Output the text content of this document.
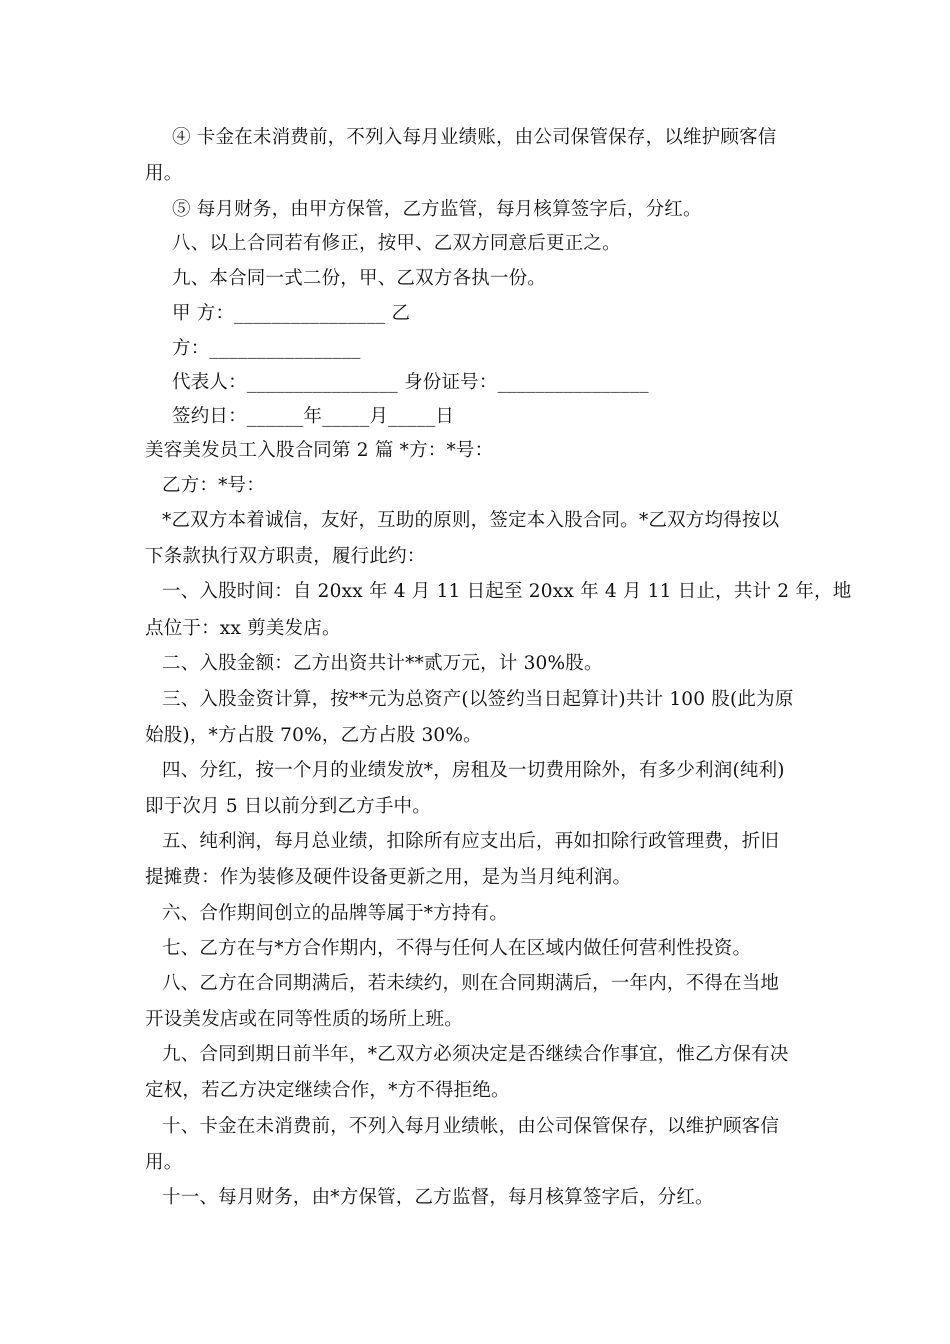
④ 卡金在未消费前，不列入每月业绩账，由公司保管保存，以维护顾客信
用。
⑤ 每月财务，由甲方保管，乙方监管，每月核算签字后，分红。
八、以上合同若有修正，按甲、乙双方同意后更正之。
九、本合同一式二份，甲、乙双方各执一份。
甲 方：________________ 乙
方：________________
代表人：________________ 身份证号：________________
签约日：______年_____月_____日
美容美发员工入股合同第 2 篇 *方：*号：
乙方：*号：
*乙双方本着诚信，友好，互助的原则，签定本入股合同。*乙双方均得按以
下条款执行双方职责，履行此约：
一、入股时间：自 20xx 年 4 月 11 日起至 20xx 年 4 月 11 日止，共计 2 年，地
点位于：xx 剪美发店。
二、入股金额：乙方出资共计**贰万元，计 30%股。
三、入股金资计算，按**元为总资产(以签约当日起算计)共计 100 股(此为原
始股)，*方占股 70%，乙方占股 30%。
四、分红，按一个月的业绩发放*，房租及一切费用除外，有多少利润(纯利)
即于次月 5 日以前分到乙方手中。
五、纯利润，每月总业绩，扣除所有应支出后，再如扣除行政管理费，折旧
提摊费：作为装修及硬件设备更新之用，是为当月纯利润。
六、合作期间创立的品牌等属于*方持有。
七、乙方在与*方合作期内，不得与任何人在区域内做任何营利性投资。
八、乙方在合同期满后，若未续约，则在合同期满后，一年内，不得在当地
开设美发店或在同等性质的场所上班。
九、合同到期日前半年，*乙双方必须决定是否继续合作事宜，惟乙方保有决
定权，若乙方决定继续合作，*方不得拒绝。
十、卡金在未消费前，不列入每月业绩帐，由公司保管保存，以维护顾客信
用。
十一、每月财务，由*方保管，乙方监督，每月核算签字后，分红。
